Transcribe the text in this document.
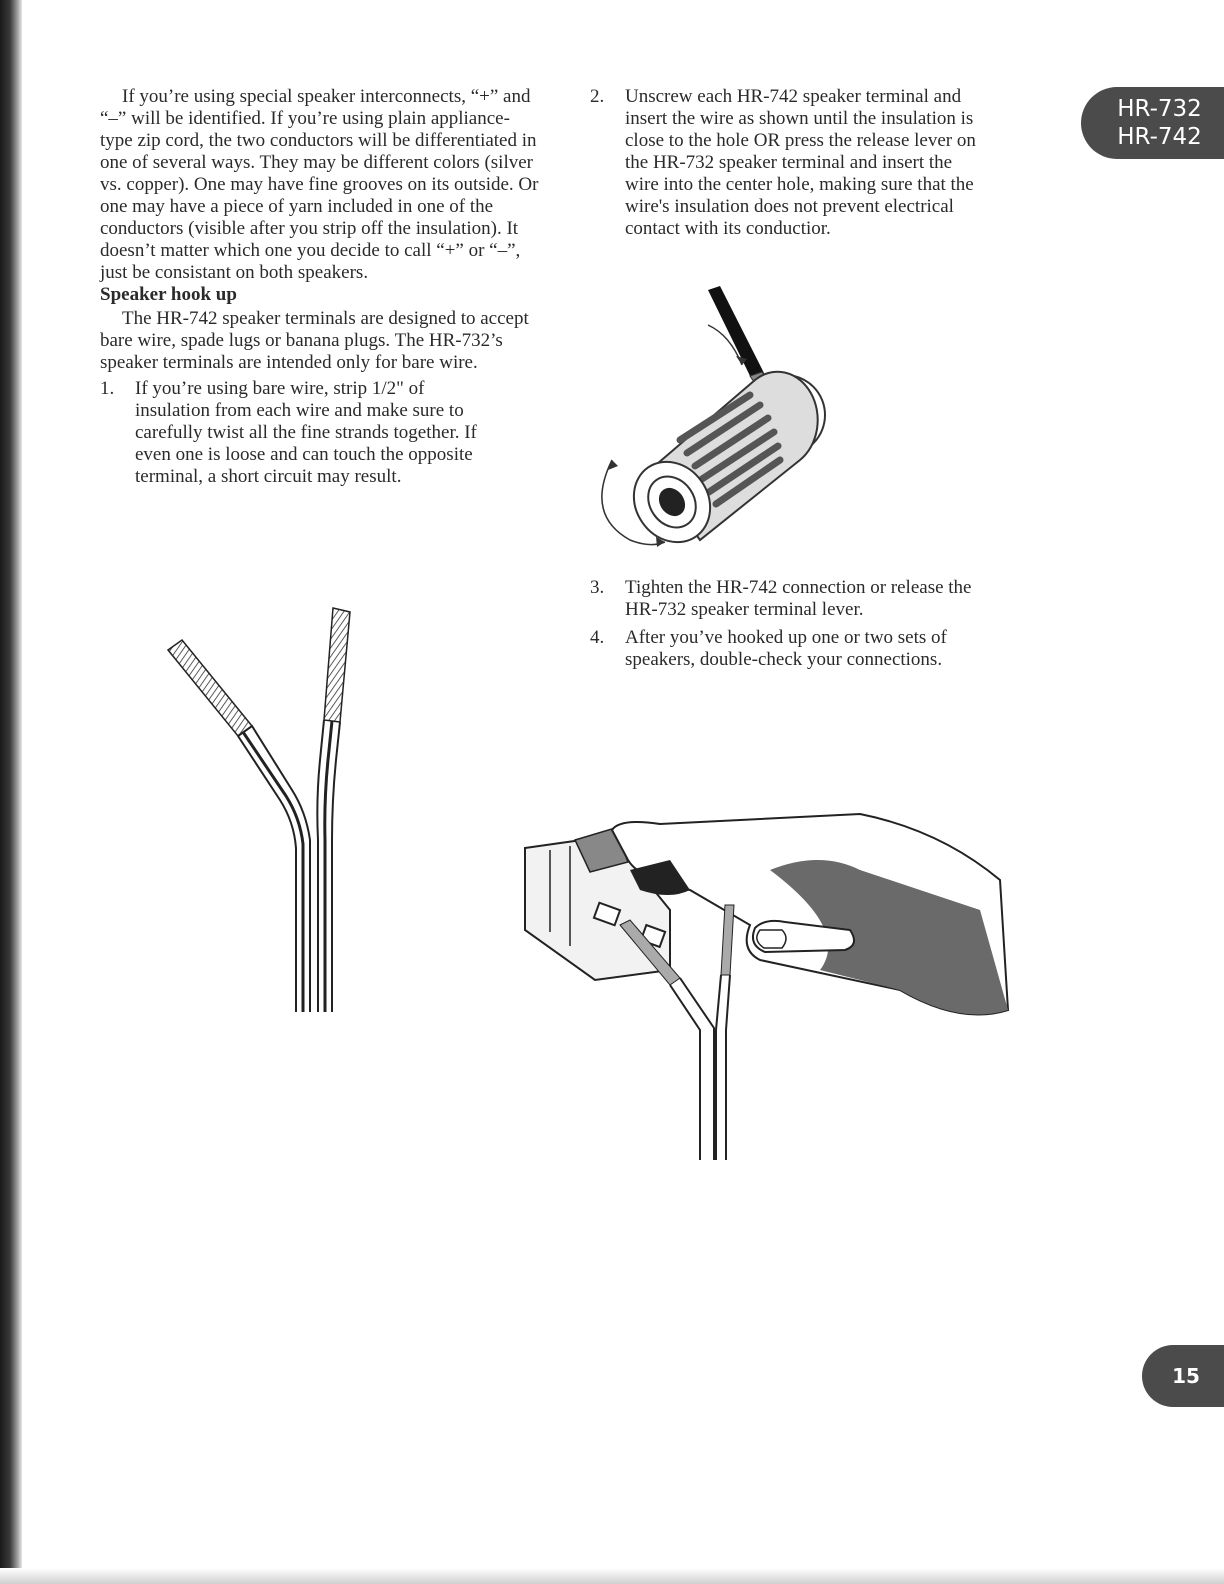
If you’re using special speaker interconnects, “+” and “–” will be identified. If you’re using plain appliance-type zip cord, the two conductors will be differentiated in one of several ways. They may be different colors (silver vs. copper). One may have fine grooves on its outside. Or one may have a piece of yarn included in one of the conductors (visible after you strip off the insulation). It doesn’t matter which one you decide to call “+” or “–”, just be consistant on both speakers.

Speaker hook up

The HR-742 speaker terminals are designed to accept bare wire, spade lugs or banana plugs. The HR-732’s speaker terminals are intended only for bare wire.

1. If you’re using bare wire, strip 1/2" of insulation from each wire and make sure to carefully twist all the fine strands together. If even one is loose and can touch the opposite terminal, a short circuit may result.
2. Unscrew each HR-742 speaker terminal and insert the wire as shown until the insulation is close to the hole OR press the release lever on the HR-732 speaker terminal and insert the wire into the center hole, making sure that the wire's insulation does not prevent electrical contact with its conductior.
3. Tighten the HR-742 connection or release the HR-732 speaker terminal lever.
4. After you’ve hooked up one or two sets of speakers, double-check your connections.
HR-732
HR-742
15
